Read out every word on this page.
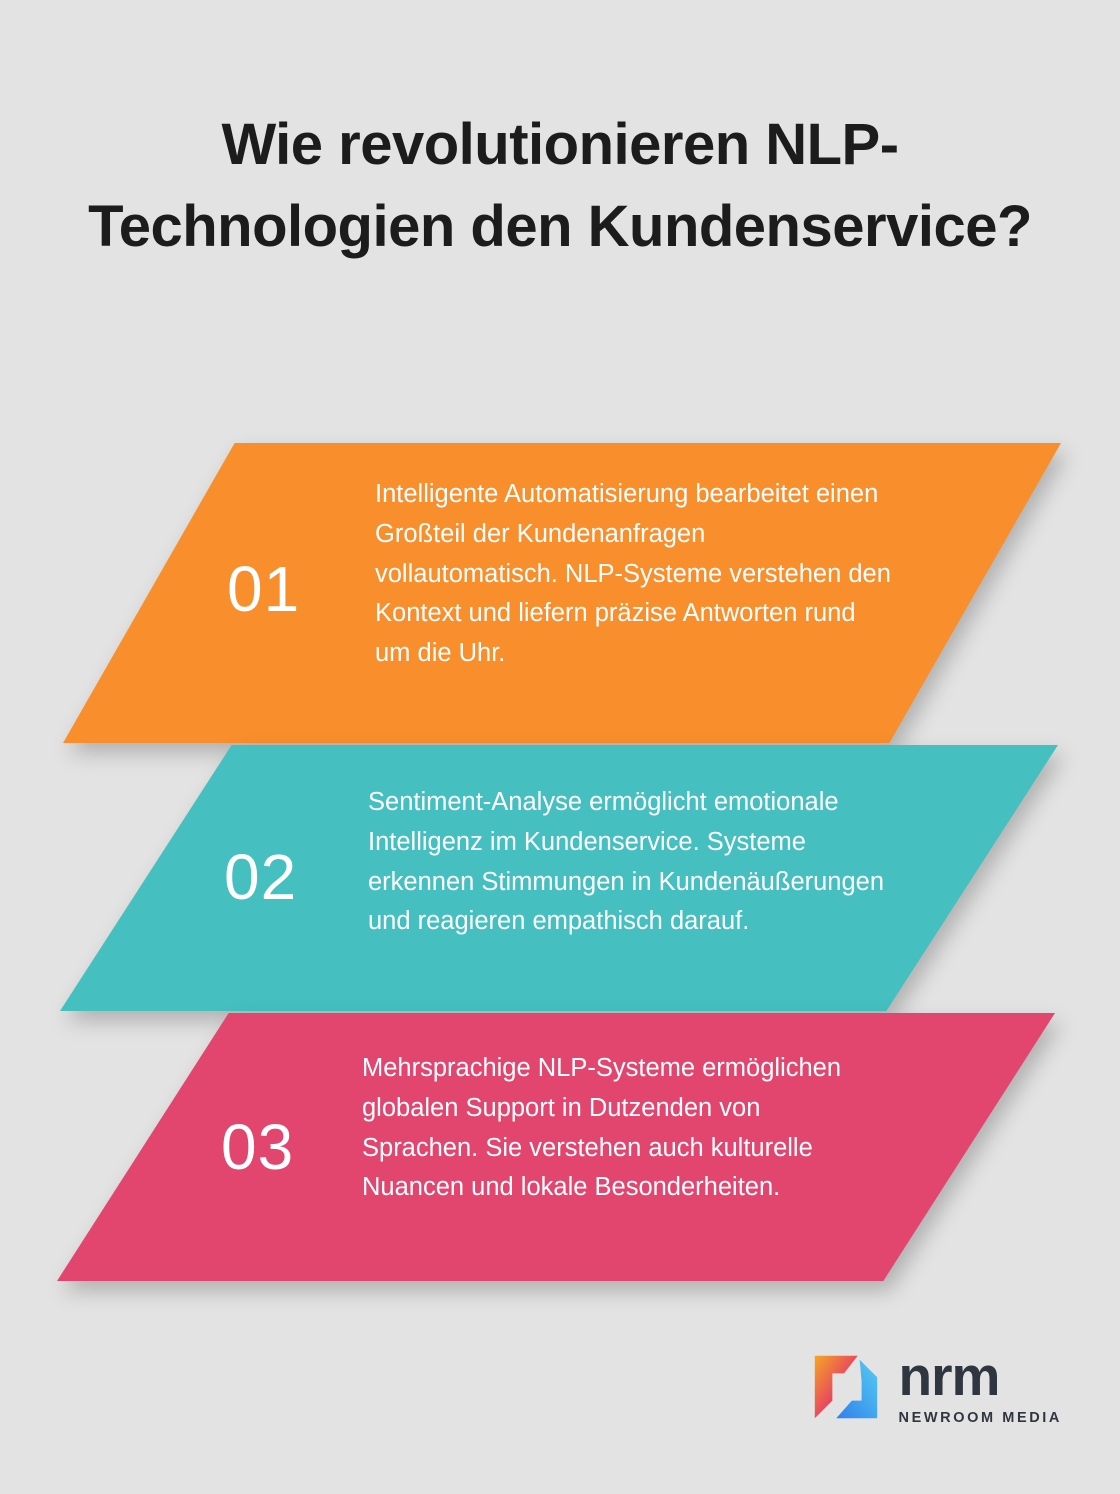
Wie revolutionieren NLP-Technologien den Kundenservice?
01
Intelligente Automatisierung bearbeitet einen Großteil der Kundenanfragen vollautomatisch. NLP-Systeme verstehen den Kontext und liefern präzise Antworten rund um die Uhr.
02
Sentiment-Analyse ermöglicht emotionale Intelligenz im Kundenservice. Systeme erkennen Stimmungen in Kundenäußerungen und reagieren empathisch darauf.
03
Mehrsprachige NLP-Systeme ermöglichen globalen Support in Dutzenden von Sprachen. Sie verstehen auch kulturelle Nuancen und lokale Besonderheiten.
nrm
NEWROOM MEDIA
